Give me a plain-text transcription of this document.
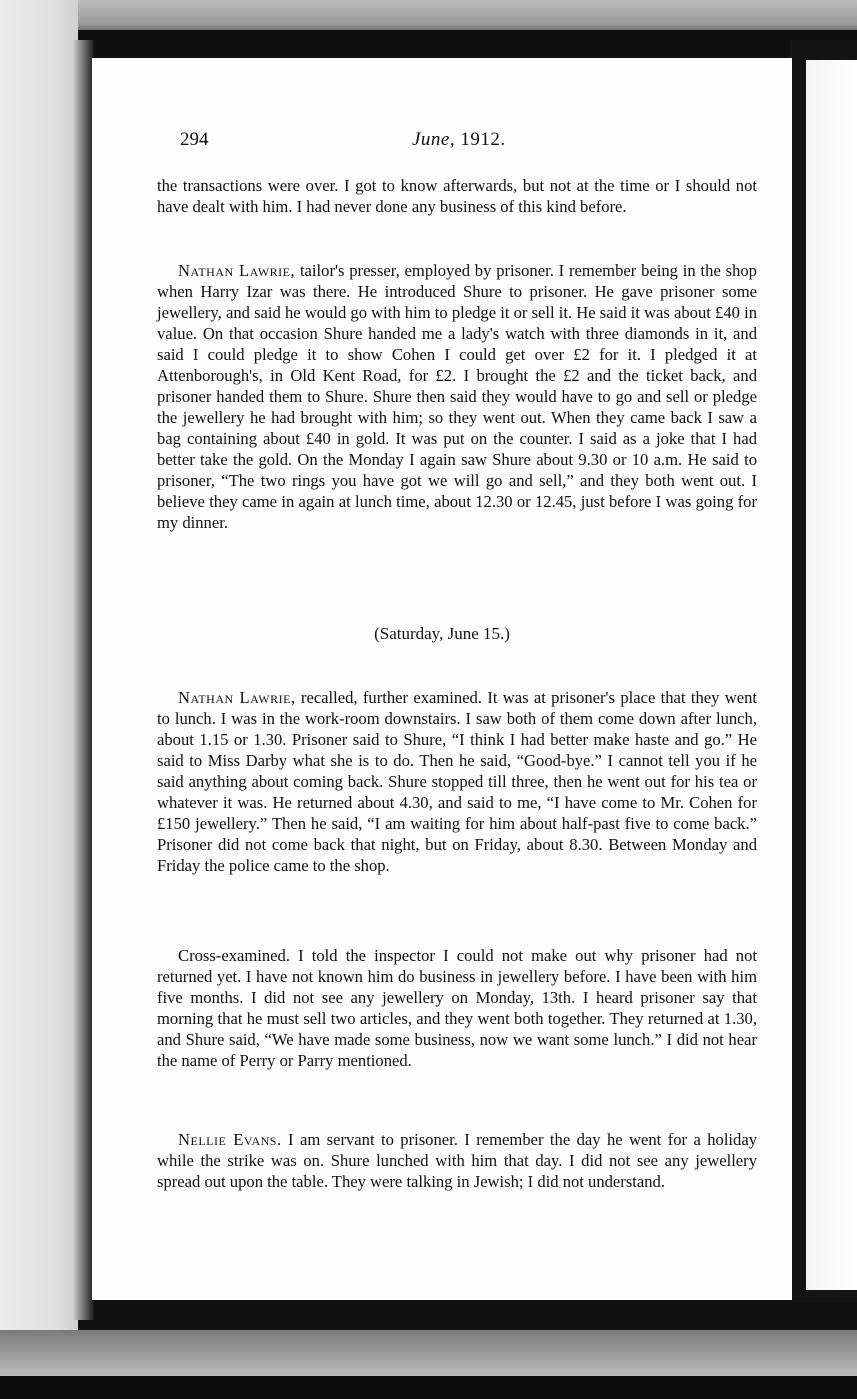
294	June, 1912.

the transactions were over. I got to know afterwards, but not at the time or I should not have dealt with him. I had never done any business of this kind before.

Nathan Lawrie, tailor's presser, employed by prisoner. I remember being in the shop when Harry Izar was there. He introduced Shure to prisoner. He gave prisoner some jewellery, and said he would go with him to pledge it or sell it. He said it was about £40 in value. On that occasion Shure handed me a lady's watch with three diamonds in it, and said I could pledge it to show Cohen I could get over £2 for it. I pledged it at Attenborough's, in Old Kent Road, for £2. I brought the £2 and the ticket back, and prisoner handed them to Shure. Shure then said they would have to go and sell or pledge the jewellery he had brought with him; so they went out. When they came back I saw a bag containing about £40 in gold. It was put on the counter. I said as a joke that I had better take the gold. On the Monday I again saw Shure about 9.30 or 10 a.m. He said to prisoner, “The two rings you have got we will go and sell,” and they both went out. I believe they came in again at lunch time, about 12.30 or 12.45, just before I was going for my dinner.

(Saturday, June 15.)

Nathan Lawrie, recalled, further examined. It was at prisoner's place that they went to lunch. I was in the work-room downstairs. I saw both of them come down after lunch, about 1.15 or 1.30. Prisoner said to Shure, “I think I had better make haste and go.” He said to Miss Darby what she is to do. Then he said, “Good-bye.” I cannot tell you if he said anything about coming back. Shure stopped till three, then he went out for his tea or whatever it was. He returned about 4.30, and said to me, “I have come to Mr. Cohen for £150 jewellery.” Then he said, “I am waiting for him about half-past five to come back.” Prisoner did not come back that night, but on Friday, about 8.30. Between Monday and Friday the police came to the shop.

Cross-examined. I told the inspector I could not make out why prisoner had not returned yet. I have not known him do business in jewellery before. I have been with him five months. I did not see any jewellery on Monday, 13th. I heard prisoner say that morning that he must sell two articles, and they went both together. They returned at 1.30, and Shure said, “We have made some business, now we want some lunch.” I did not hear the name of Perry or Parry mentioned.

Nellie Evans. I am servant to prisoner. I remember the day he went for a holiday while the strike was on. Shure lunched with him that day. I did not see any jewellery spread out upon the table. They were talking in Jewish; I did not understand.
